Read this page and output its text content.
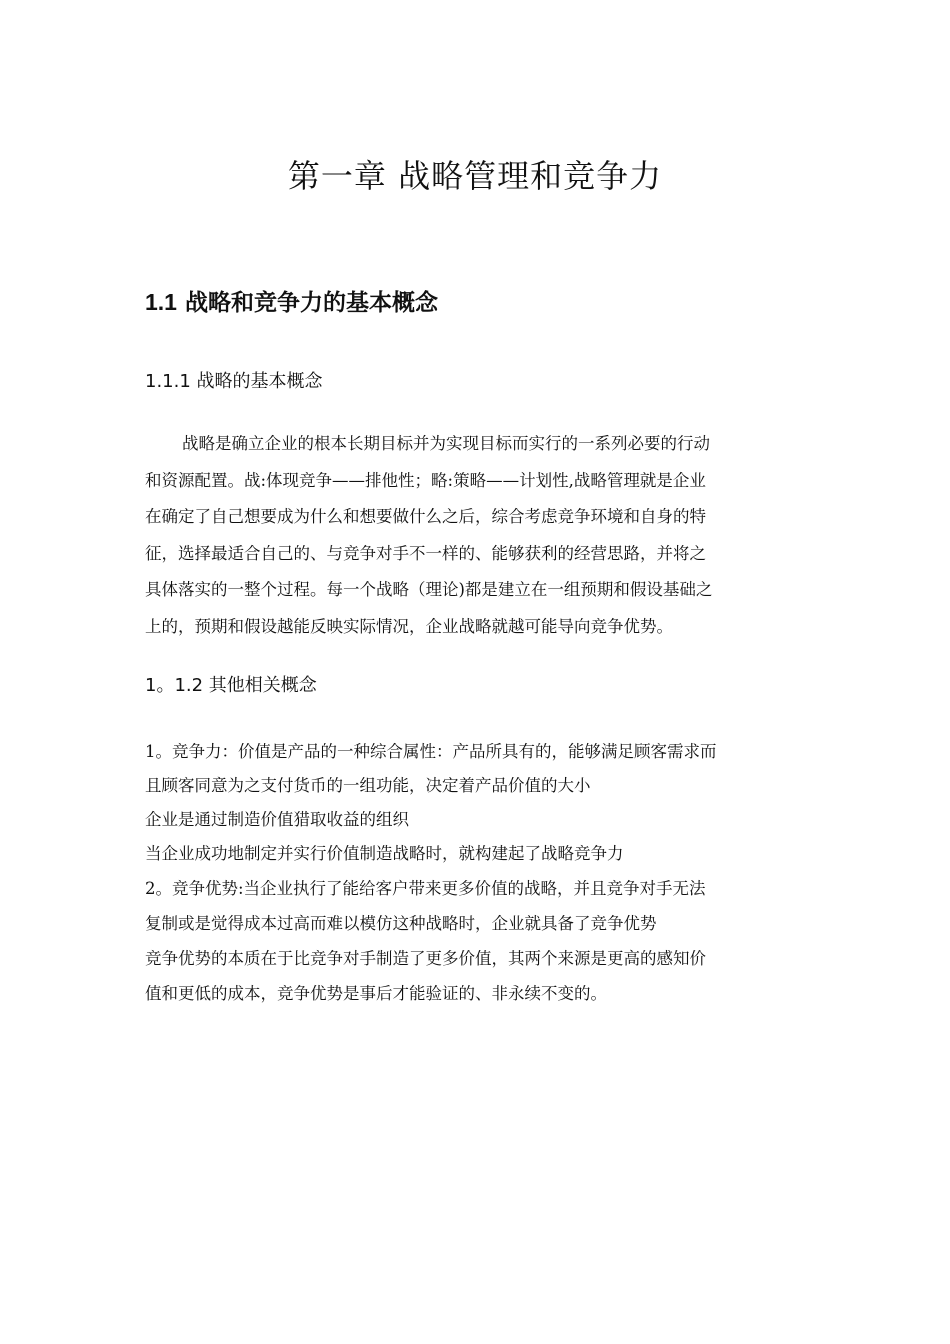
第一章 战略管理和竞争力
1.1 战略和竞争力的基本概念
1.1.1 战略的基本概念

战略是确立企业的根本长期目标并为实现目标而实行的一系列必要的行动
和资源配置。战:体现竞争——排他性；略:策略——计划性,战略管理就是企业
在确定了自己想要成为什么和想要做什么之后，综合考虑竞争环境和自身的特
征，选择最适合自己的、与竞争对手不一样的、能够获利的经营思路，并将之
具体落实的一整个过程。每一个战略（理论)都是建立在一组预期和假设基础之
上的，预期和假设越能反映实际情况，企业战略就越可能导向竞争优势。

1。1.2 其他相关概念
1。竞争力：价值是产品的一种综合属性：产品所具有的，能够满足顾客需求而
且顾客同意为之支付货币的一组功能，决定着产品价值的大小
企业是通过制造价值猎取收益的组织
当企业成功地制定并实行价值制造战略时，就构建起了战略竞争力
2。竞争优势:当企业执行了能给客户带来更多价值的战略，并且竞争对手无法
复制或是觉得成本过高而难以模仿这种战略时，企业就具备了竞争优势
竞争优势的本质在于比竞争对手制造了更多价值，其两个来源是更高的感知价
值和更低的成本，竞争优势是事后才能验证的、非永续不变的。
